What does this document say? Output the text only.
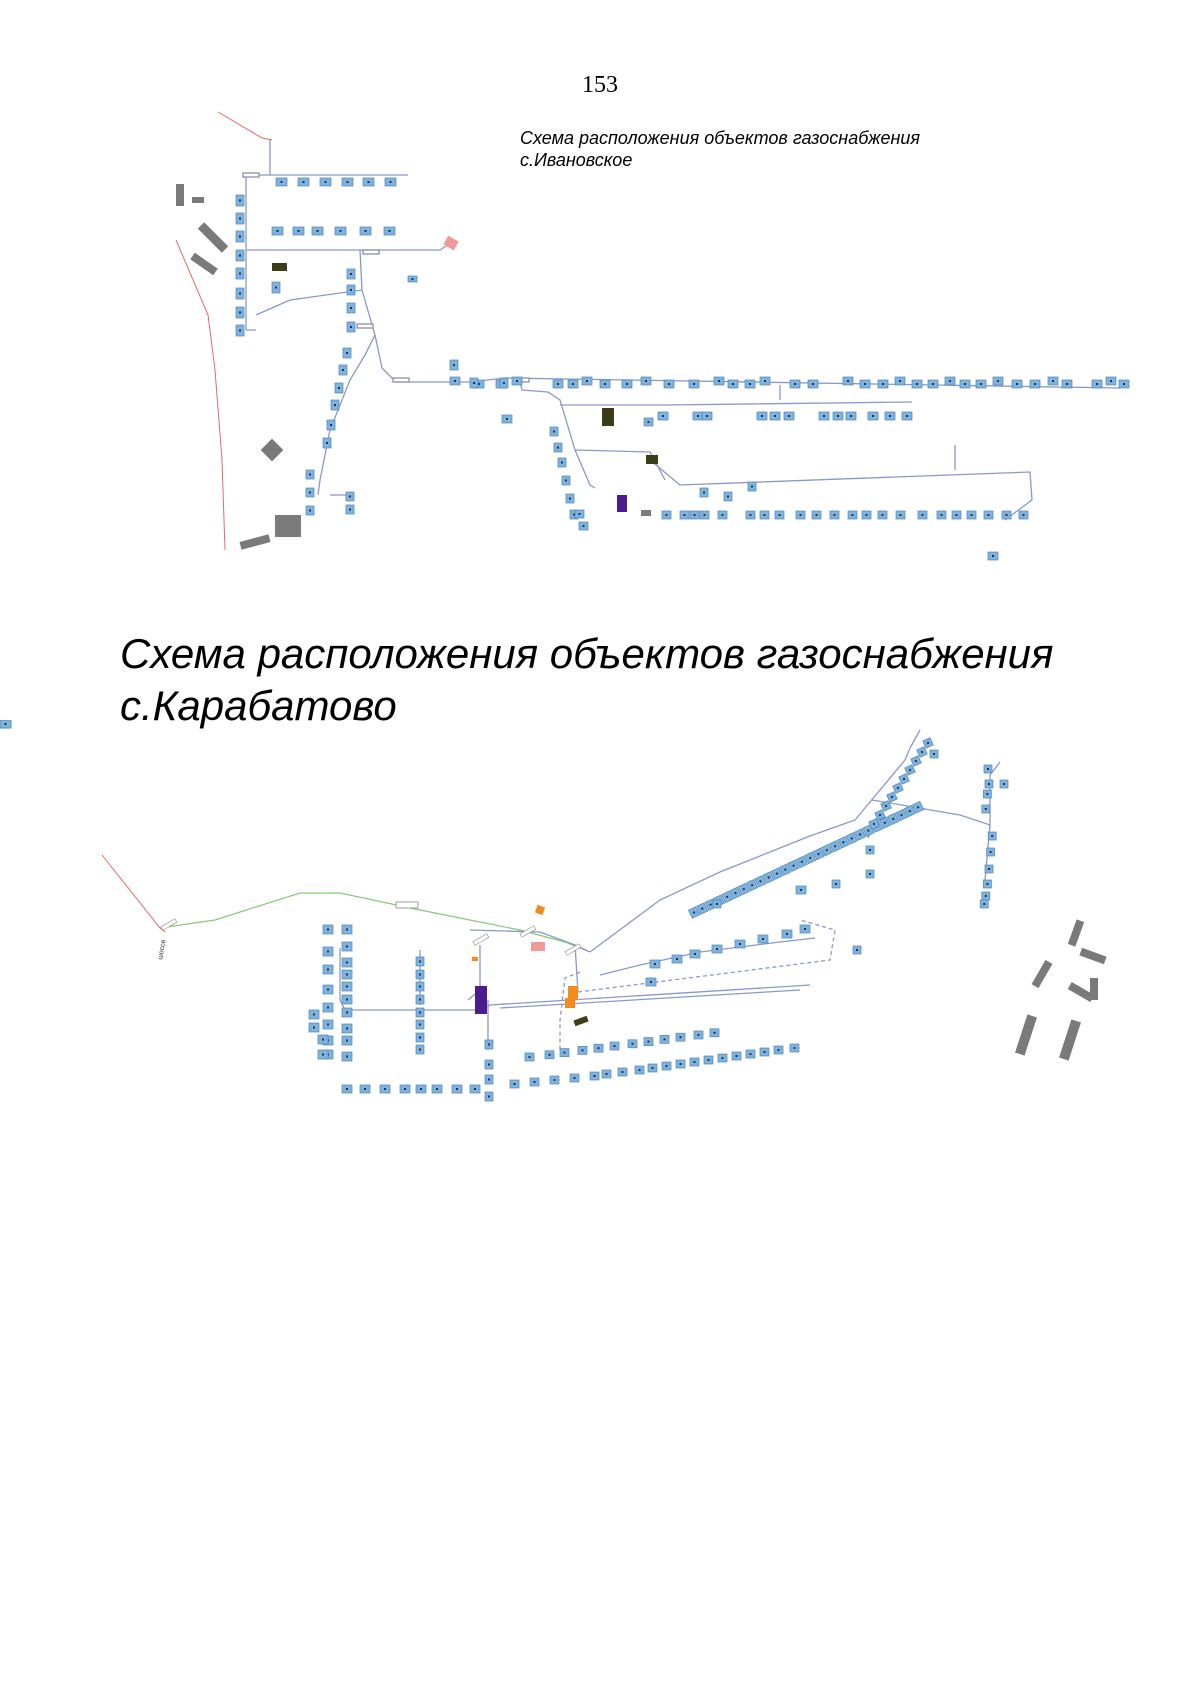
153
Схема расположения объектов газоснабжения
с.Ивановское
Схема расположения объектов газоснабжения
с.Карабатово
шоссе
